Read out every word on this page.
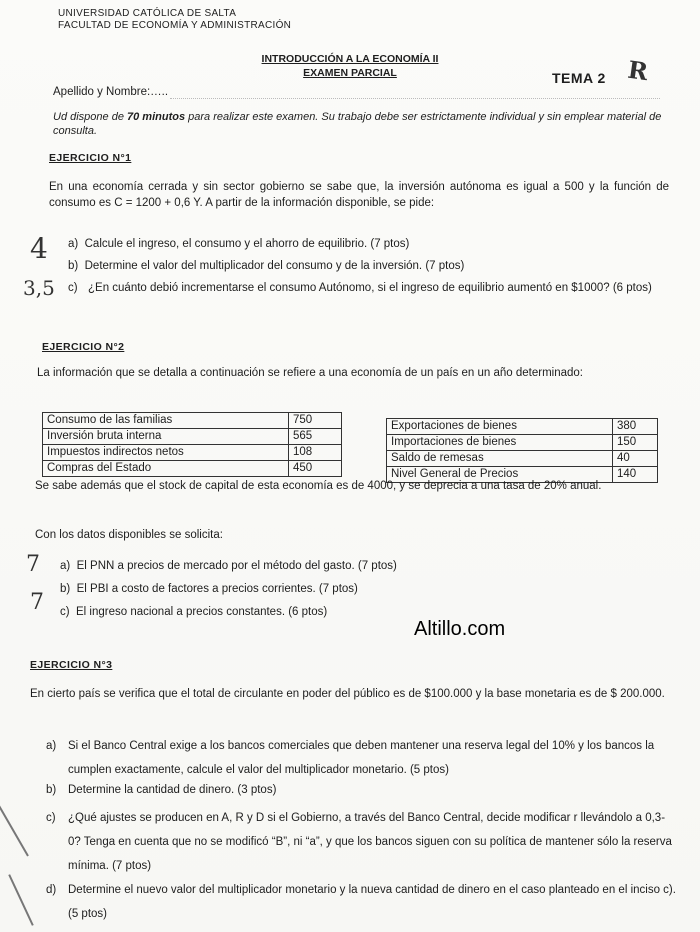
UNIVERSIDAD CATÓLICA DE SALTA
FACULTAD DE ECONOMÍA Y ADMINISTRACIÓN
INTRODUCCIÓN A LA ECONOMÍA II
EXAMEN PARCIAL	TEMA 2 R
Apellido y Nombre:…..
Ud dispone de 70 minutos para realizar este examen. Su trabajo debe ser estrictamente individual y sin emplear material de consulta.
EJERCICIO N°1
En una economía cerrada y sin sector gobierno se sabe que, la inversión autónoma es igual a 500 y la función de consumo es C = 1200 + 0,6 Y. A partir de la información disponible, se pide:
4 a) Calcule el ingreso, el consumo y el ahorro de equilibrio. (7 ptos)
b) Determine el valor del multiplicador del consumo y de la inversión. (7 ptos)
3,5 c) ¿En cuánto debió incrementarse el consumo Autónomo, si el ingreso de equilibrio aumentó en $1000? (6 ptos)
EJERCICIO N°2
La información que se detalla a continuación se refiere a una economía de un país en un año determinado:
Consumo de las familias	750
Inversión bruta interna	565
Impuestos indirectos netos	108
Compras del Estado	450
Exportaciones de bienes	380
Importaciones de bienes	150
Saldo de remesas	40
Nivel General de Precios	140
Se sabe además que el stock de capital de esta economía es de 4000, y se deprecia a una tasa de 20% anual.
Con los datos disponibles se solicita:
7 a) El PNN a precios de mercado por el método del gasto. (7 ptos)
7
b) El PBI a costo de factores a precios corrientes. (7 ptos)
c) El ingreso nacional a precios constantes. (6 ptos)
Altillo.com
EJERCICIO N°3
En cierto país se verifica que el total de circulante en poder del público es de $100.000 y la base monetaria es de $ 200.000.
a)	Si el Banco Central exige a los bancos comerciales que deben mantener una reserva legal del 10% y los bancos la cumplen exactamente, calcule el valor del multiplicador monetario. (5 ptos)
b)	Determine la cantidad de dinero. (3 ptos)
c)	¿Qué ajustes se producen en A, R y D si el Gobierno, a través del Banco Central, decide modificar r llevándolo a 0,3-0? Tenga en cuenta que no se modificó “B”, ni “a”, y que los bancos siguen con su política de mantener sólo la reserva mínima. (7 ptos)
d)	Determine el nuevo valor del multiplicador monetario y la nueva cantidad de dinero en el caso planteado en el inciso c). (5 ptos)
